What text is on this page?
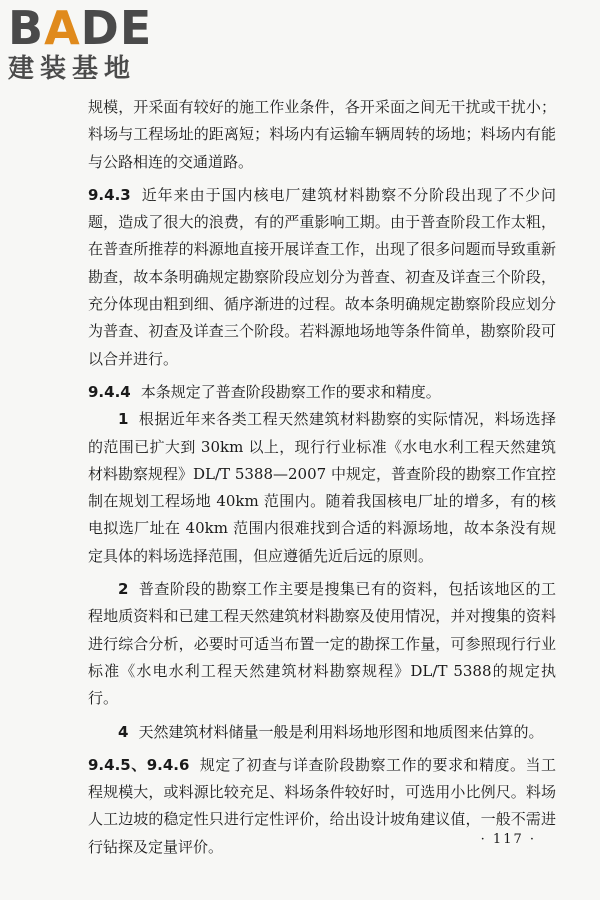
BADE
建装基地

规模，开采面有较好的施工作业条件，各开采面之间无干扰或干扰小；料场与工程场址的距离短；料场内有运输车辆周转的场地；料场内有能与公路相连的交通道路。

9.4.3 近年来由于国内核电厂建筑材料勘察不分阶段出现了不少问题，造成了很大的浪费，有的严重影响工期。由于普查阶段工作太粗，在普查所推荐的料源地直接开展详查工作，出现了很多问题而导致重新勘查，故本条明确规定勘察阶段应划分为普查、初查及详查三个阶段，充分体现由粗到细、循序渐进的过程。故本条明确规定勘察阶段应划分为普查、初查及详查三个阶段。若料源地场地等条件简单，勘察阶段可以合并进行。

9.4.4 本条规定了普查阶段勘察工作的要求和精度。

1 根据近年来各类工程天然建筑材料勘察的实际情况，料场选择的范围已扩大到 30km 以上，现行行业标准《水电水利工程天然建筑材料勘察规程》DL/T 5388—2007 中规定，普查阶段的勘察工作宜控制在规划工程场地 40km 范围内。随着我国核电厂址的增多，有的核电拟选厂址在 40km 范围内很难找到合适的料源场地，故本条没有规定具体的料场选择范围，但应遵循先近后远的原则。

2 普查阶段的勘察工作主要是搜集已有的资料，包括该地区的工程地质资料和已建工程天然建筑材料勘察及使用情况，并对搜集的资料进行综合分析，必要时可适当布置一定的勘探工作量，可参照现行行业标准《水电水利工程天然建筑材料勘察规程》DL/T 5388的规定执行。

4 天然建筑材料储量一般是利用料场地形图和地质图来估算的。

9.4.5、9.4.6 规定了初查与详查阶段勘察工作的要求和精度。当工程规模大，或料源比较充足、料场条件较好时，可选用小比例尺。料场人工边坡的稳定性只进行定性评价，给出设计坡角建议值，一般不需进行钻探及定量评价。	· 117 ·
